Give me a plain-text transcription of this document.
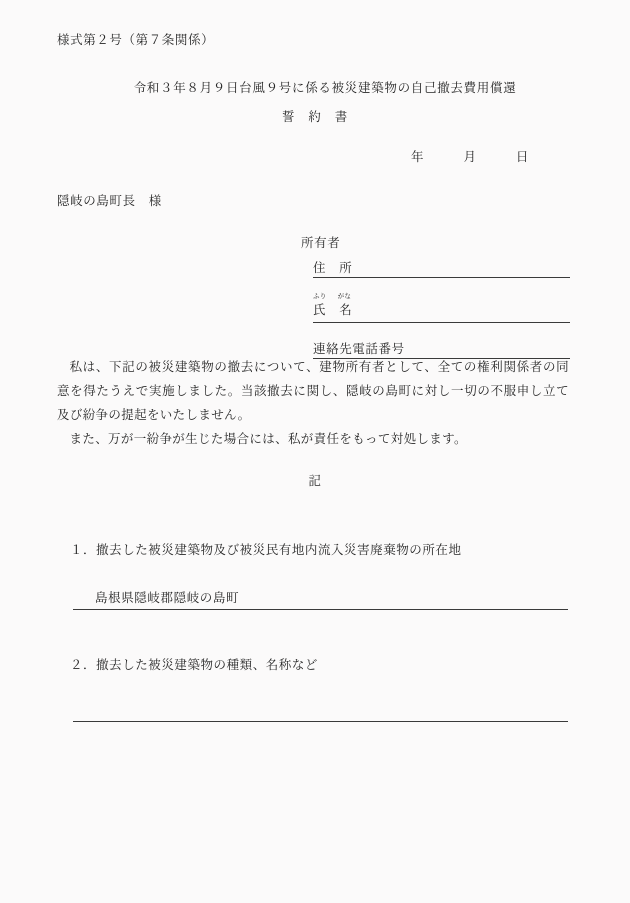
様式第２号（第７条関係）
令和３年８月９日台風９号に係る被災建築物の自己撤去費用償還
誓　約　書
年　　　月　　　日
隠岐の島町長　様
所有者
住　所
ふり がな
氏　名
連絡先電話番号

私は、下記の被災建築物の撤去について、建物所有者として、全ての権利関係者の同意を得たうえで実施しました。当該撤去に関し、隠岐の島町に対し一切の不服申し立て及び紛争の提起をいたしません。

また、万が一紛争が生じた場合には、私が責任をもって対処します。

記
１．撤去した被災建築物及び被災民有地内流入災害廃棄物の所在地
島根県隠岐郡隠岐の島町
２．撤去した被災建築物の種類、名称など
